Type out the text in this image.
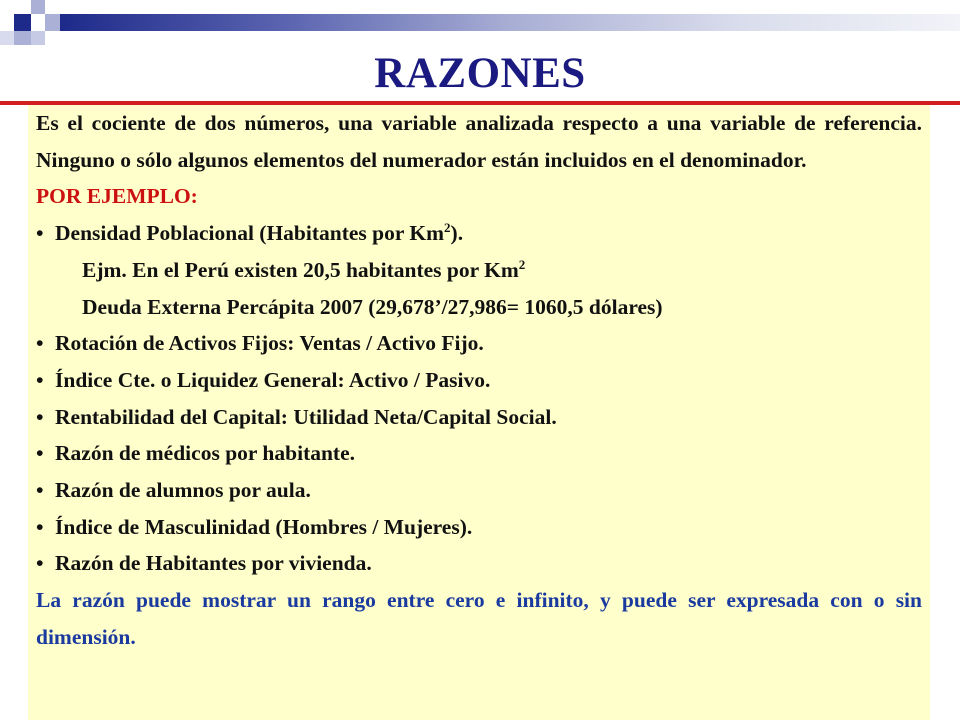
RAZONES

Es el cociente de dos números, una variable analizada respecto a una variable de referencia. Ninguno o sólo algunos elementos del numerador están incluidos en el denominador.

POR EJEMPLO:

• Densidad Poblacional (Habitantes por Km$^2$).

Ejm. En el Perú existen 20,5 habitantes por Km$^2$

Deuda Externa Percápita 2007 (29,678’/27,986= 1060,5 dólares)

• Rotación de Activos Fijos: Ventas / Activo Fijo.

• Índice Cte. o Liquidez General: Activo / Pasivo.

• Rentabilidad del Capital: Utilidad Neta/Capital Social.

• Razón de médicos por habitante.

• Razón de alumnos por aula.

• Índice de Masculinidad (Hombres / Mujeres).

• Razón de Habitantes por vivienda.

La razón puede mostrar un rango entre cero e infinito, y puede ser expresada con o sin dimensión.
